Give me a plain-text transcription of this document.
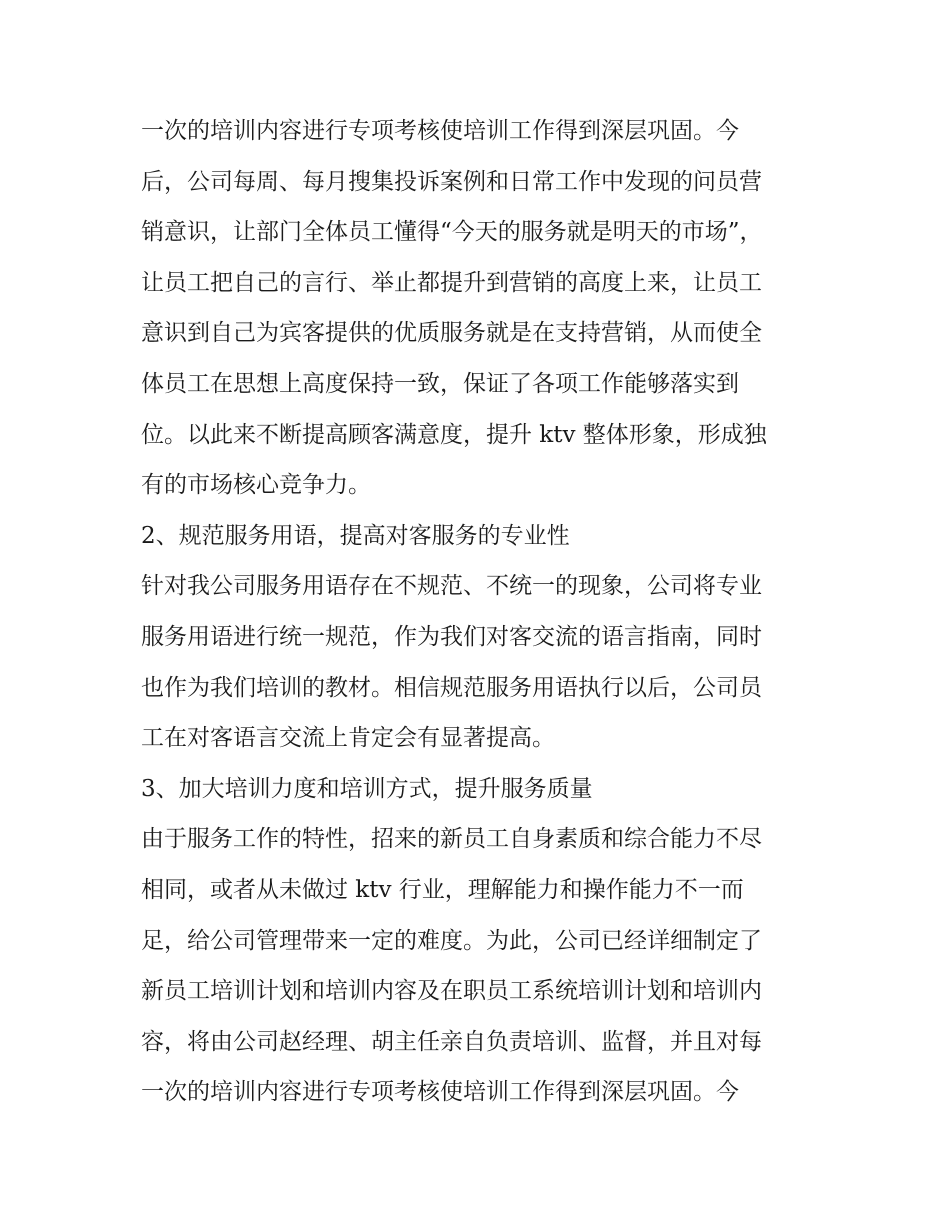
一次的培训内容进行专项考核使培训工作得到深层巩固。今
后，公司每周、每月搜集投诉案例和日常工作中发现的问员营
销意识，让部门全体员工懂得“今天的服务就是明天的市场”，
让员工把自己的言行、举止都提升到营销的高度上来，让员工
意识到自己为宾客提供的优质服务就是在支持营销，从而使全
体员工在思想上高度保持一致，保证了各项工作能够落实到
位。以此来不断提高顾客满意度，提升 ktv 整体形象，形成独
有的市场核心竞争力。
2、规范服务用语，提高对客服务的专业性
针对我公司服务用语存在不规范、不统一的现象，公司将专业
服务用语进行统一规范，作为我们对客交流的语言指南，同时
也作为我们培训的教材。相信规范服务用语执行以后，公司员
工在对客语言交流上肯定会有显著提高。
3、加大培训力度和培训方式，提升服务质量
由于服务工作的特性，招来的新员工自身素质和综合能力不尽
相同，或者从未做过 ktv 行业，理解能力和操作能力不一而
足，给公司管理带来一定的难度。为此，公司已经详细制定了
新员工培训计划和培训内容及在职员工系统培训计划和培训内
容，将由公司赵经理、胡主任亲自负责培训、监督，并且对每
一次的培训内容进行专项考核使培训工作得到深层巩固。今
